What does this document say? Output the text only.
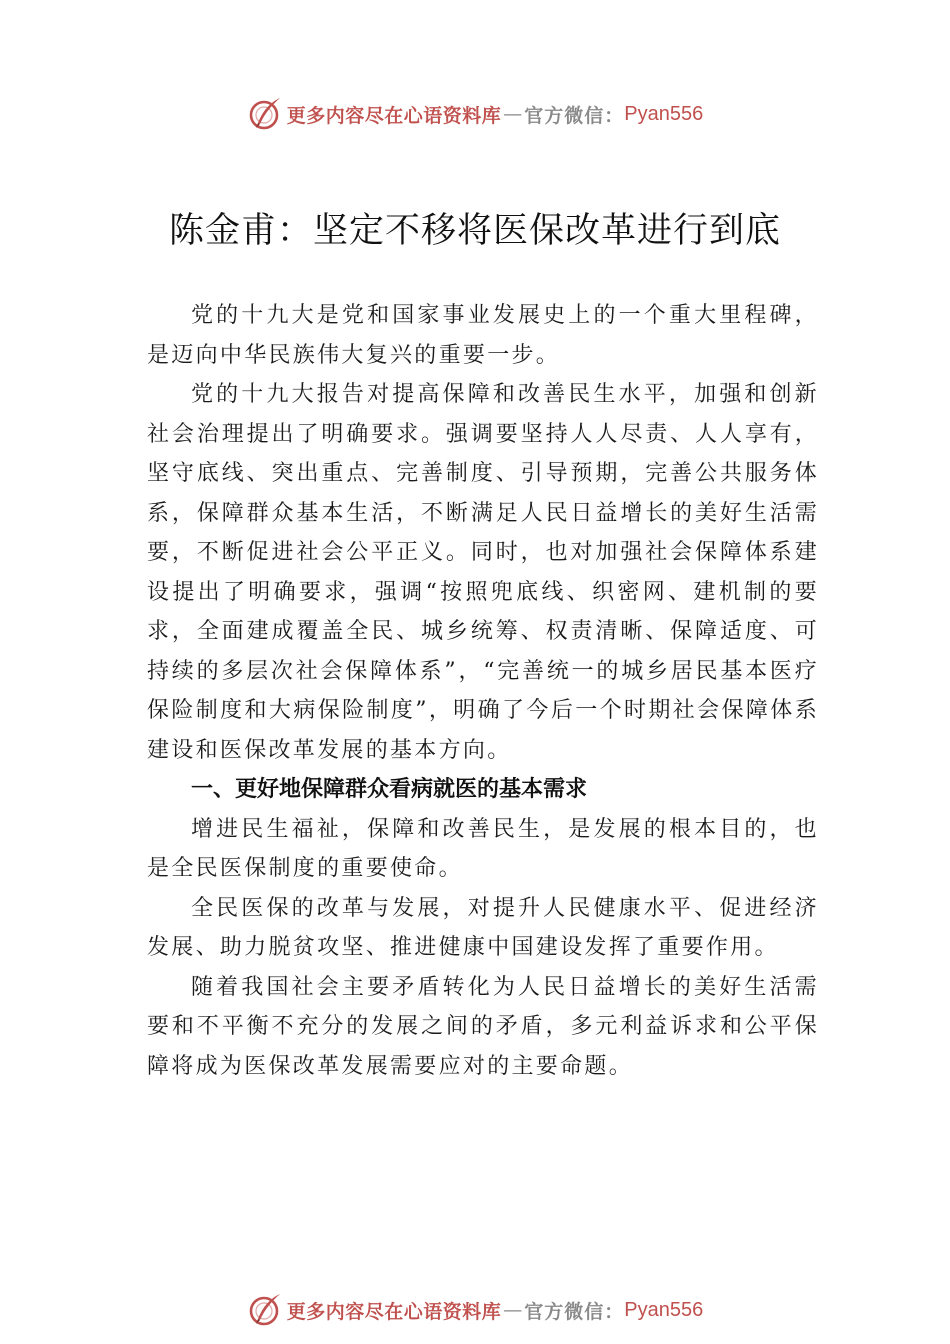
更多内容尽在心语资料库 — 官方微信： Pyan556
陈金甫：坚定不移将医保改革进行到底

党的十九大是党和国家事业发展史上的一个重大里程碑，是迈向中华民族伟大复兴的重要一步。

党的十九大报告对提高保障和改善民生水平，加强和创新社会治理提出了明确要求。强调要坚持人人尽责、人人享有，坚守底线、突出重点、完善制度、引导预期，完善公共服务体系，保障群众基本生活，不断满足人民日益增长的美好生活需要，不断促进社会公平正义。同时，也对加强社会保障体系建设提出了明确要求，强调“按照兜底线、织密网、建机制的要求，全面建成覆盖全民、城乡统筹、权责清晰、保障适度、可持续的多层次社会保障体系”，“完善统一的城乡居民基本医疗保险制度和大病保险制度”，明确了今后一个时期社会保障体系建设和医保改革发展的基本方向。

一、更好地保障群众看病就医的基本需求

增进民生福祉，保障和改善民生，是发展的根本目的，也是全民医保制度的重要使命。

全民医保的改革与发展，对提升人民健康水平、促进经济发展、助力脱贫攻坚、推进健康中国建设发挥了重要作用。

随着我国社会主要矛盾转化为人民日益增长的美好生活需要和不平衡不充分的发展之间的矛盾，多元利益诉求和公平保障将成为医保改革发展需要应对的主要命题。

更多内容尽在心语资料库 — 官方微信： Pyan556
